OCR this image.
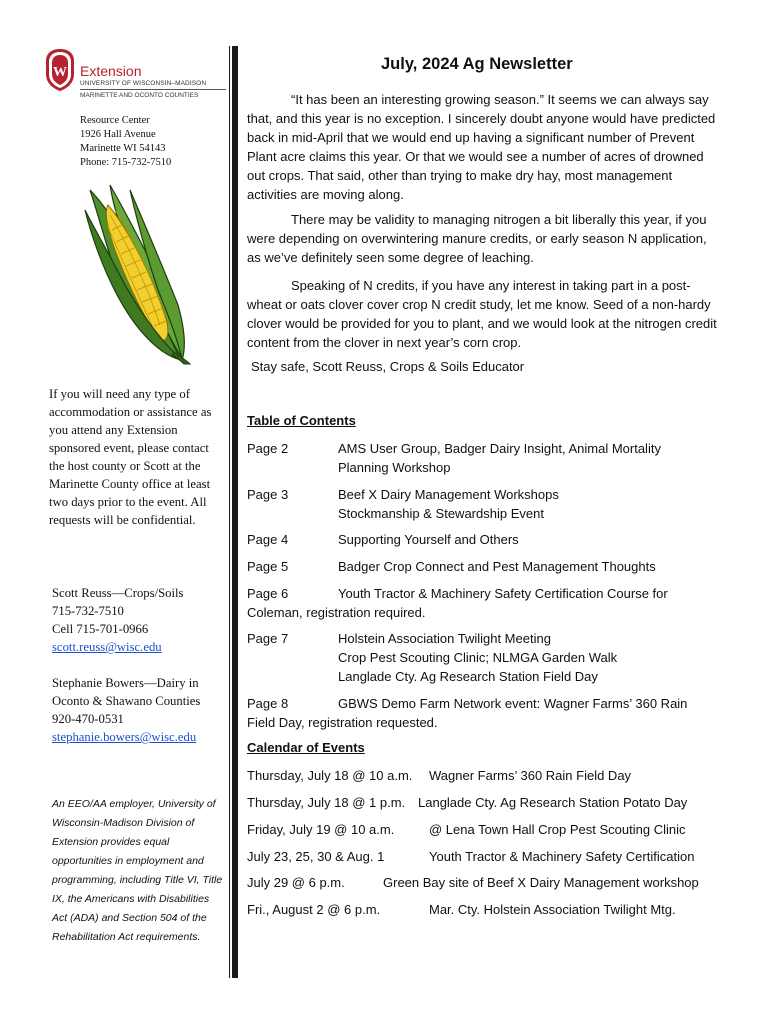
W Extension
UNIVERSITY OF WISCONSIN–MADISON
MARINETTE AND OCONTO COUNTIES
Resource Center
1926 Hall Avenue
Marinette WI 54143
Phone: 715-732-7510
If you will need any type of accommodation or assistance as you attend any Extension sponsored event, please contact the host county or Scott at the Marinette County office at least two days prior to the event. All requests will be confidential.
Scott Reuss—Crops/Soils
715-732-7510
Cell 715-701-0966
scott.reuss@wisc.edu
Stephanie Bowers—Dairy in
Oconto & Shawano Counties
920-470-0531
stephanie.bowers@wisc.edu
An EEO/AA employer, University of Wisconsin-Madison Division of Extension provides equal opportunities in employment and programming, including Title VI, Title IX, the Americans with Disabilities Act (ADA) and Section 504 of the Rehabilitation Act requirements.
July, 2024 Ag Newsletter
“It has been an interesting growing season.” It seems we can always say that, and this year is no exception. I sincerely doubt anyone would have predicted back in mid-April that we would end up having a significant number of Prevent Plant acre claims this year. Or that we would see a number of acres of drowned out crops. That said, other than trying to make dry hay, most management activities are moving along.
There may be validity to managing nitrogen a bit liberally this year, if you were depending on overwintering manure credits, or early season N application, as we’ve definitely seen some degree of leaching.
Speaking of N credits, if you have any interest in taking part in a post-wheat or oats clover cover crop N credit study, let me know. Seed of a non-hardy clover would be provided for you to plant, and we would look at the nitrogen credit content from the clover in next year’s corn crop.
Stay safe, Scott Reuss, Crops & Soils Educator
Table of Contents
Page 2	AMS User Group, Badger Dairy Insight, Animal Mortality
Planning Workshop
Page 3	Beef X Dairy Management Workshops
Stockmanship & Stewardship Event
Page 4	Supporting Yourself and Others
Page 5	Badger Crop Connect and Pest Management Thoughts
Page 6	Youth Tractor & Machinery Safety Certification Course for
Coleman, registration required.
Page 7	Holstein Association Twilight Meeting
Crop Pest Scouting Clinic; NLMGA Garden Walk
Langlade Cty. Ag Research Station Field Day
Page 8	GBWS Demo Farm Network event: Wagner Farms’ 360 Rain
Field Day, registration requested.
Calendar of Events
Thursday, July 18 @ 10 a.m. Wagner Farms’ 360 Rain Field Day
Thursday, July 18 @ 1 p.m. Langlade Cty. Ag Research Station Potato Day
Friday, July 19 @ 10 a.m.	@ Lena Town Hall Crop Pest Scouting Clinic
July 23, 25, 30 & Aug. 1	Youth Tractor & Machinery Safety Certification
July 29 @ 6 p.m.	Green Bay site of Beef X Dairy Management workshop
Fri., August 2 @ 6 p.m.	Mar. Cty. Holstein Association Twilight Mtg.
